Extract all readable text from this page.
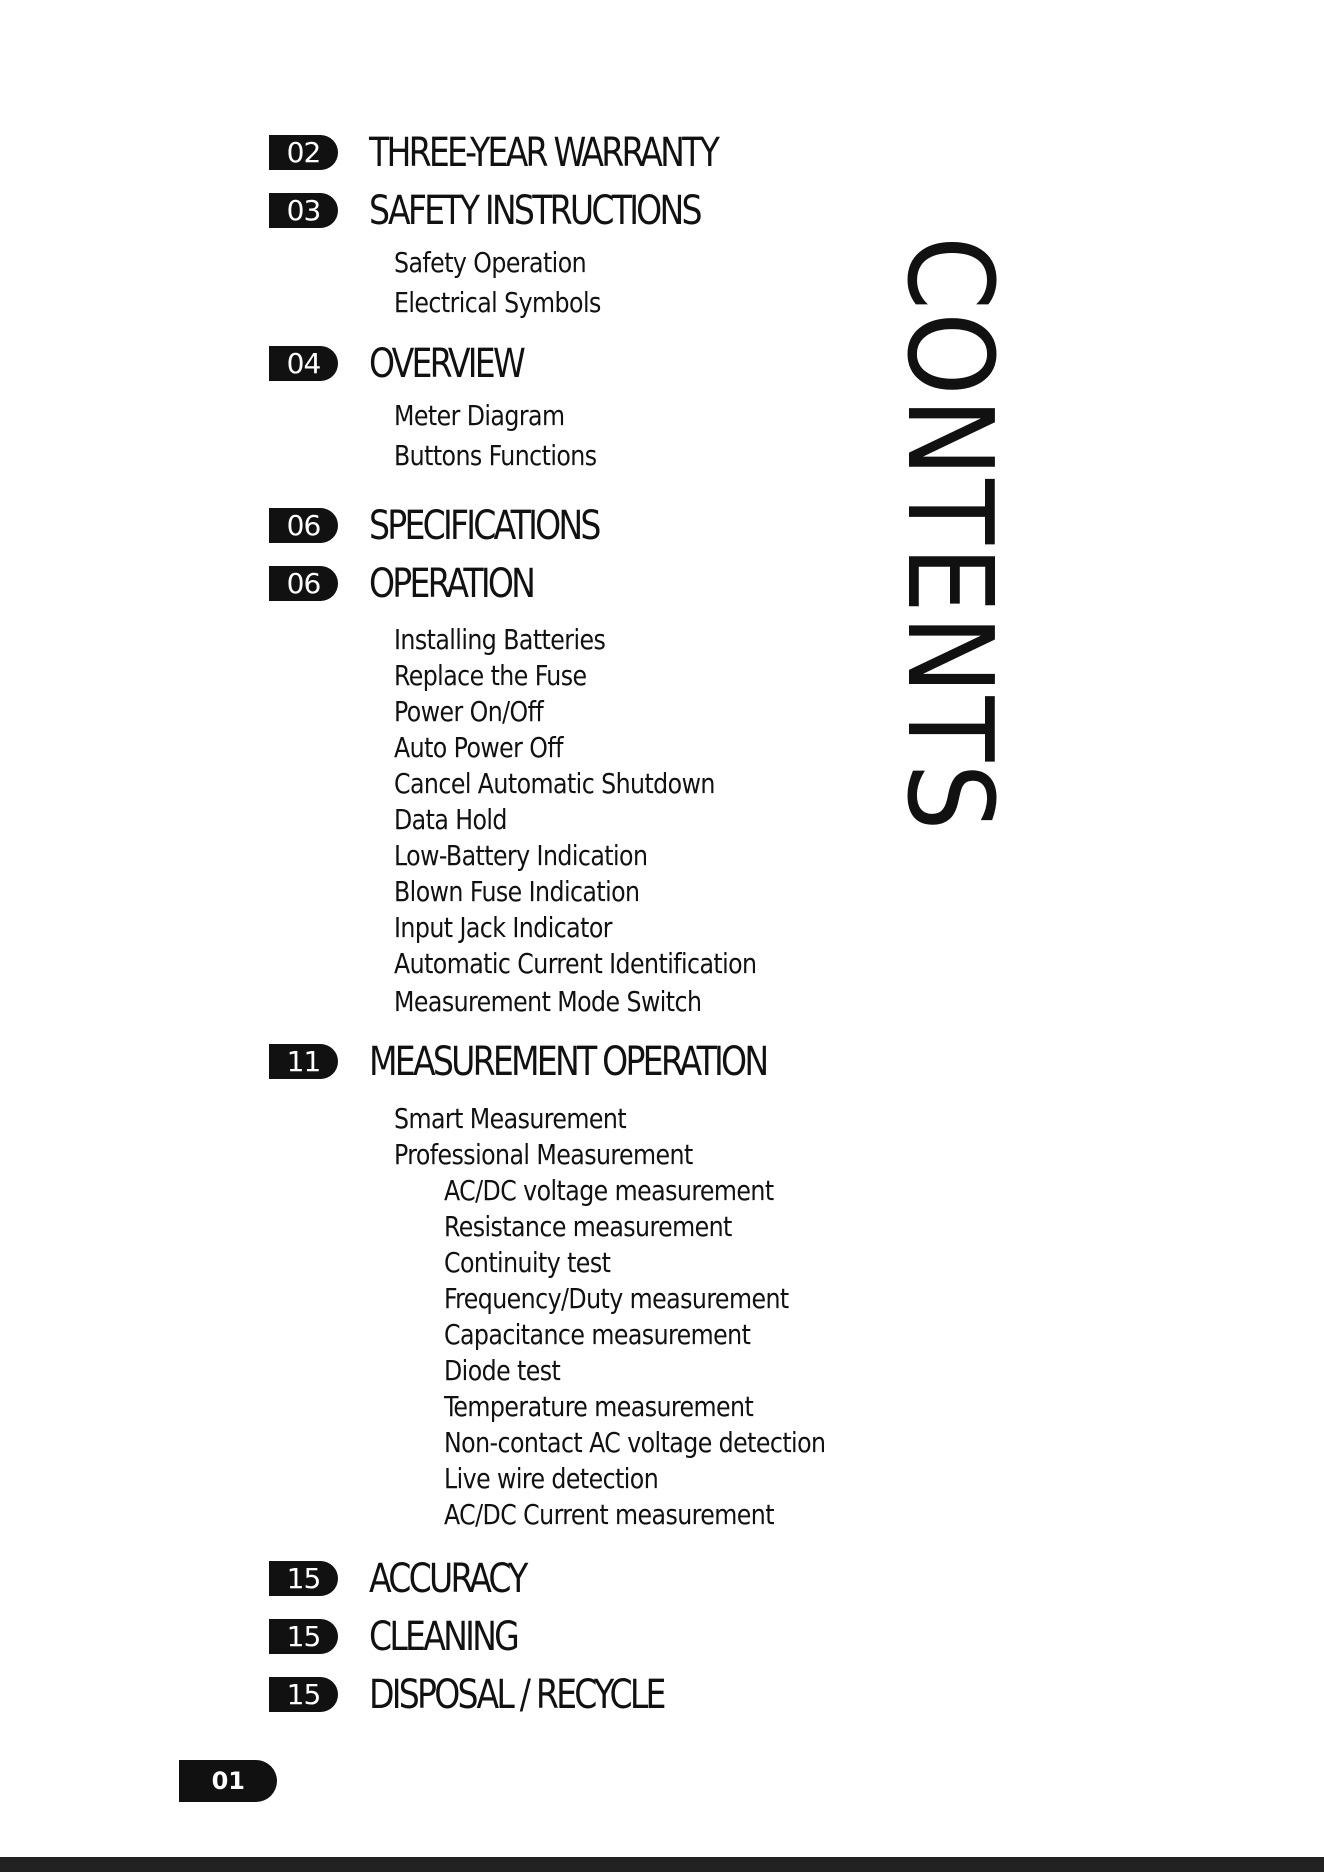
02	THREE-YEAR WARRANTY
03	SAFETY INSTRUCTIONS
Safety Operation
Electrical Symbols
04	OVERVIEW
Meter Diagram
Buttons Functions
06	SPECIFICATIONS
06	OPERATION
Installing Batteries
Replace the Fuse
Power On/Off
Auto Power Off
Cancel Automatic Shutdown
Data Hold
Low-Battery Indication
Blown Fuse Indication
Input Jack Indicator
Automatic Current Identification
Measurement Mode Switch
11	MEASUREMENT OPERATION
Smart Measurement
Professional Measurement
AC/DC voltage measurement
Resistance measurement
Continuity test
Frequency/Duty measurement
Capacitance measurement
Diode test
Temperature measurement
Non-contact AC voltage detection
Live wire detection
AC/DC Current measurement
15	ACCURACY
15	CLEANING
15	DISPOSAL / RECYCLE
CONTENTS
01
